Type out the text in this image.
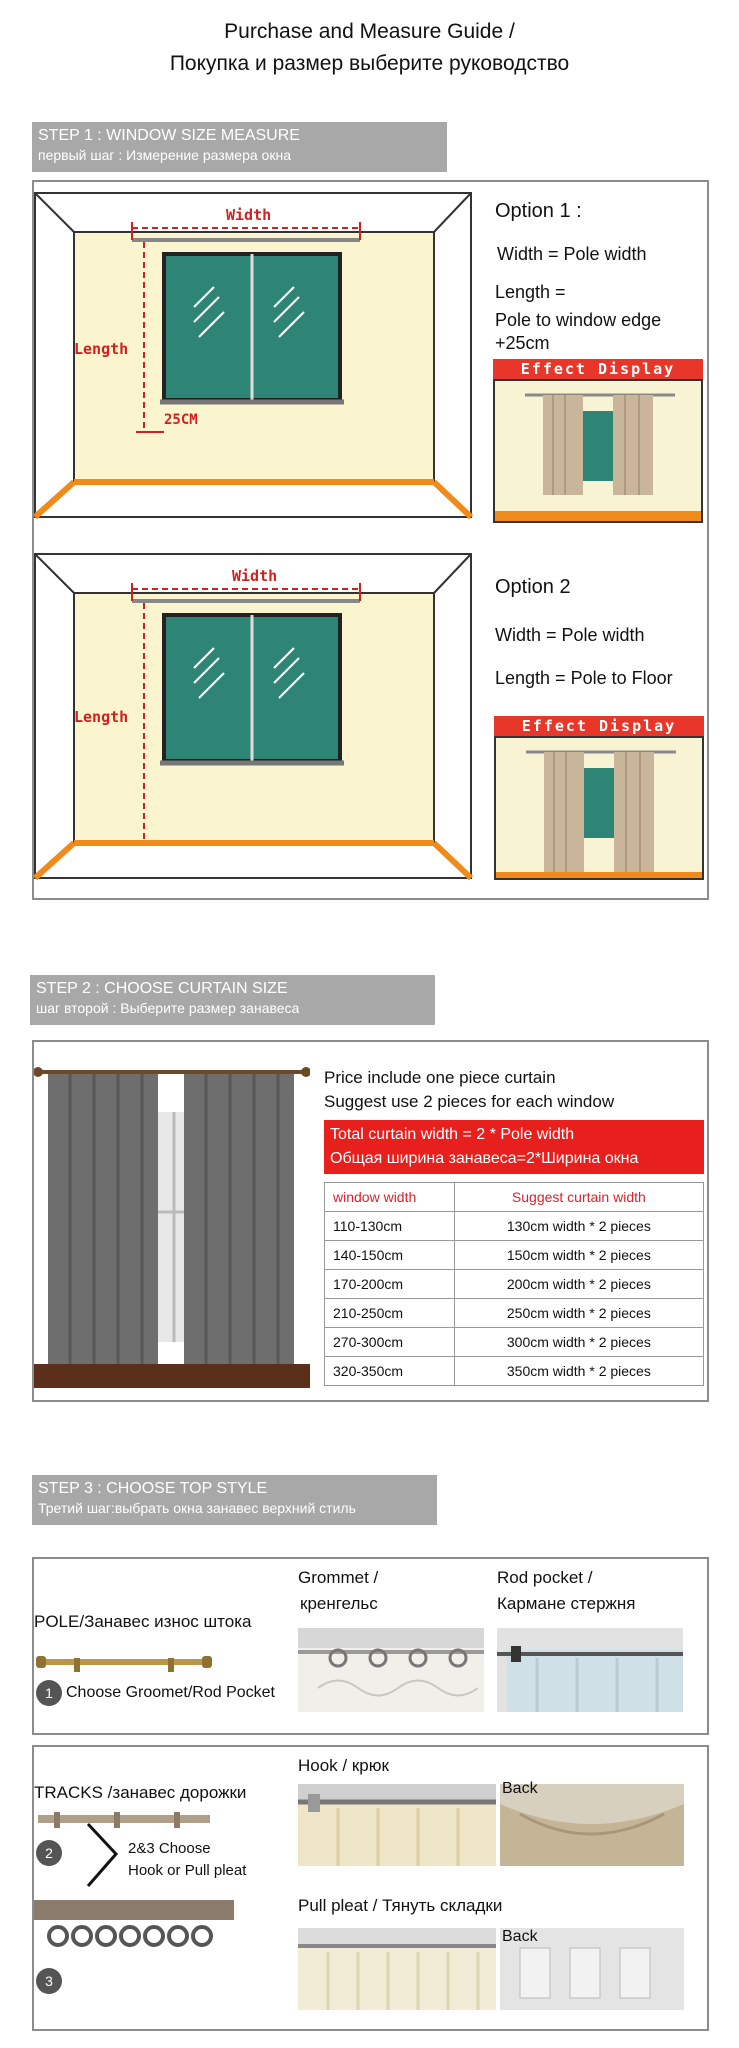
Purchase and Measure Guide /
Покупка и размер выберите руководство
STEP 1 : WINDOW SIZE MEASURE
первый шаг : Измерение размера окна
Width
Length
25CM
Option 1 :
Width = Pole width
Length =
Pole to window edge
+25cm
Effect Display
Width
Length
Option 2
Width = Pole width
Length = Pole to Floor
Effect Display
STEP 2 : CHOOSE CURTAIN SIZE
шаг второй : Выберите размер занавеса
Price include one piece curtain
Suggest use 2 pieces for each window
Total curtain width = 2 * Pole width
Общая ширина занавеса=2*Ширина окна
window width	Suggest curtain width
110-130cm	130cm width * 2 pieces
140-150cm	150cm width * 2 pieces
170-200cm	200cm width * 2 pieces
210-250cm	250cm width * 2 pieces
270-300cm	300cm width * 2 pieces
320-350cm	350cm width * 2 pieces
STEP 3 : CHOOSE TOP STYLE
Третий шаг:выбрать окна занавес верхний стиль
POLE/Занавес износ штока
1 Choose Groomet/Rod Pocket
Grommet /
кренгельс
Rod pocket /
Кармане стержня
TRACKS /занавес дорожки
2	2&3 Choose
Hook or Pull pleat
3
Hook / крюк
Back
Pull pleat / Тянуть складки
Back
